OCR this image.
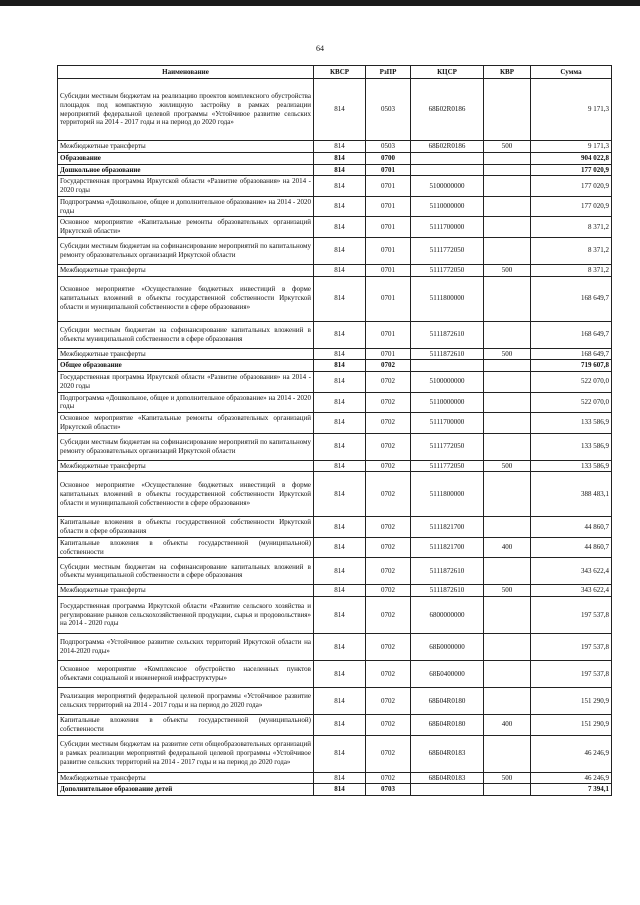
64
Наименование	КВСР	РзПР	КЦСР	КВР	Сумма
Субсидии местным бюджетам на реализацию проектов комплексного обустройства площадок под компактную жилищную застройку в рамках реализации мероприятий федеральной целевой программы «Устойчивое развитие сельских территорий на 2014 - 2017 годы и на период до 2020 года»	814	0503	68Б02R0186		9 171,3
Межбюджетные трансферты	814	0503	68Б02R0186	500	9 171,3
Образование	814	0700			904 022,8
Дошкольное образование	814	0701			177 020,9
Государственная программа Иркутской области «Развитие образования» на 2014 - 2020 годы	814	0701	5100000000		177 020,9
Подпрограмма «Дошкольное, общее и дополнительное образование» на 2014 - 2020 годы	814	0701	5110000000		177 020,9
Основное мероприятие «Капитальные ремонты образовательных организаций Иркутской области»	814	0701	5111700000		8 371,2
Субсидии местным бюджетам на софинансирование мероприятий по капитальному ремонту образовательных организаций Иркутской области	814	0701	5111772050		8 371,2
Межбюджетные трансферты	814	0701	5111772050	500	8 371,2
Основное мероприятие «Осуществление бюджетных инвестиций в форме капитальных вложений в объекты государственной собственности Иркутской области и муниципальной собственности в сфере образования»	814	0701	5111800000		168 649,7
Субсидии местным бюджетам на софинансирование капитальных вложений в объекты муниципальной собственности в сфере образования	814	0701	5111872610		168 649,7
Межбюджетные трансферты	814	0701	5111872610	500	168 649,7
Общее образование	814	0702			719 607,8
Государственная программа Иркутской области «Развитие образования» на 2014 - 2020 годы	814	0702	5100000000		522 070,0
Подпрограмма «Дошкольное, общее и дополнительное образование» на 2014 - 2020 годы	814	0702	5110000000		522 070,0
Основное мероприятие «Капитальные ремонты образовательных организаций Иркутской области»	814	0702	5111700000		133 586,9
Субсидии местным бюджетам на софинансирование мероприятий по капитальному ремонту образовательных организаций Иркутской области	814	0702	5111772050		133 586,9
Межбюджетные трансферты	814	0702	5111772050	500	133 586,9
Основное мероприятие «Осуществление бюджетных инвестиций в форме капитальных вложений в объекты государственной собственности Иркутской области и муниципальной собственности в сфере образования»	814	0702	5111800000		388 483,1
Капитальные вложения в объекты государственной собственности Иркутской области в сфере образования	814	0702	5111821700		44 860,7
Капитальные вложения в объекты государственной (муниципальной) собственности	814	0702	5111821700	400	44 860,7
Субсидии местным бюджетам на софинансирование капитальных вложений в объекты муниципальной собственности в сфере образования	814	0702	5111872610		343 622,4
Межбюджетные трансферты	814	0702	5111872610	500	343 622,4
Государственная программа Иркутской области «Развитие сельского хозяйства и регулирование рынков сельскохозяйственной продукции, сырья и продовольствия» на 2014 - 2020 годы	814	0702	6800000000		197 537,8
Подпрограмма «Устойчивое развитие сельских территорий Иркутской области на 2014-2020 годы»	814	0702	68Б0000000		197 537,8
Основное мероприятие «Комплексное обустройство населенных пунктов объектами социальной и инженерной инфраструктуры»	814	0702	68Б0400000		197 537,8
Реализация мероприятий федеральной целевой программы «Устойчивое развитие сельских территорий на 2014 - 2017 годы и на период до 2020 года»	814	0702	68Б04R0180		151 290,9
Капитальные вложения в объекты государственной (муниципальной) собственности	814	0702	68Б04R0180	400	151 290,9
Субсидии местным бюджетам на развитие сети общеобразовательных организаций в рамках реализации мероприятий федеральной целевой программы «Устойчивое развитие сельских территорий на 2014 - 2017 годы и на период до 2020 года»	814	0702	68Б04R0183		46 246,9
Межбюджетные трансферты	814	0702	68Б04R0183	500	46 246,9
Дополнительное образование детей	814	0703			7 394,1
